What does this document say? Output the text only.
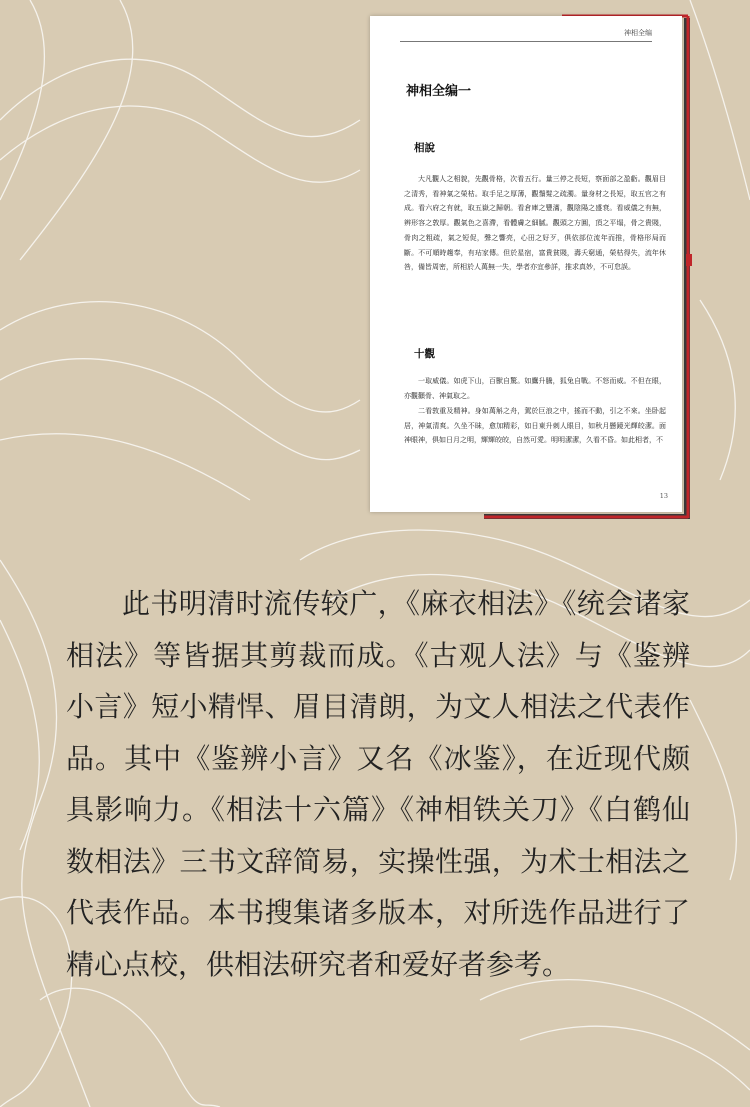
神相全编
神相全编一
相說

大凡觀人之相貌，先觀骨格，次看五行。量三停之長短，察面部之盈虧。觀眉目之清秀，看神氣之榮枯。取手足之厚薄，觀鬚髮之疏濁。量身材之長短，取五官之有成。看六府之有就，取五嶽之歸朝。看倉庫之豐滿，觀陰陽之盛衰。看威儀之有無，辨形容之敦厚。觀氣色之喜滯，看體膚之細膩。觀頭之方圓，頂之平塌，骨之貴賤，骨肉之粗疏，氣之短促，聲之響亮，心田之好歹，俱依部位流年而推，骨格形局而斷。不可順時趨奉，有玷家傳。但於星宿，富貴貧賤，壽夭窮通，榮枯得失，流年休咎，備皆周密，所相於人萬無一失，學者亦宜參詳，推求真妙，不可怠誤。

十觀

一取威儀。如虎下山，百獸自驚。如鷹升騰，狐兔自戰。不怒而威。不但在眼，亦觀顴骨、神氣取之。

二看敦重及精神。身如萬斛之舟，駕於巨浪之中，搖而不動，引之不來。坐卧起居，神氣清爽。久坐不昧，愈加精彩，如日東升刺人眼目，如秋月懸鏡光輝皎潔。面神眼神，俱如日月之明，輝輝皎皎，自然可愛。明明潔潔，久看不昏。如此相者，不

13

此书明清时流传较广，《麻衣相法》《统会诸家相法》等皆据其剪裁而成。《古观人法》与《鉴辨小言》短小精悍、眉目清朗，为文人相法之代表作品。其中《鉴辨小言》又名《冰鉴》，在近现代颇具影响力。《相法十六篇》《神相铁关刀》《白鹤仙数相法》三书文辞简易，实操性强，为术士相法之代表作品。本书搜集诸多版本，对所选作品进行了精心点校，供相法研究者和爱好者参考。
